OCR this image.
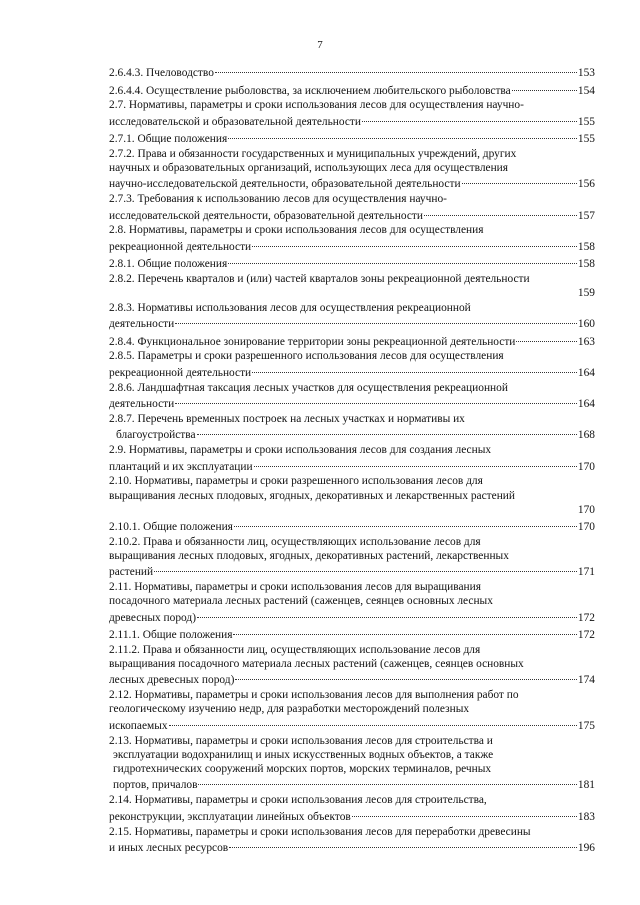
7
2.6.4.3. Пчеловодство	153
2.6.4.4. Осуществление рыболовства, за исключением любительского рыболовства	154
2.7. Нормативы, параметры и сроки использования лесов для осуществления научно-
исследовательской и образовательной деятельности	155
2.7.1. Общие положения	155
2.7.2. Права и обязанности государственных и муниципальных учреждений, других
научных и образовательных организаций, использующих леса для осуществления
научно-исследовательской деятельности, образовательной деятельности	156
2.7.3. Требования к использованию лесов для осуществления научно-
исследовательской деятельности, образовательной деятельности	157
2.8. Нормативы, параметры и сроки использования лесов для осуществления
рекреационной деятельности	158
2.8.1. Общие положения	158
2.8.2. Перечень кварталов и (или) частей кварталов зоны рекреационной деятельности
159
2.8.3. Нормативы использования лесов для осуществления рекреационной
деятельности	160
2.8.4. Функциональное зонирование территории зоны рекреационной деятельности	163
2.8.5. Параметры и сроки разрешенного использования лесов для осуществления
рекреационной деятельности	164
2.8.6. Ландшафтная таксация лесных участков для осуществления рекреационной
деятельности	164
2.8.7. Перечень временных построек на лесных участках и нормативы их
благоустройства	168
2.9. Нормативы, параметры и сроки использования лесов для создания лесных
плантаций и их эксплуатации	170
2.10. Нормативы, параметры и сроки разрешенного использования лесов для
выращивания лесных плодовых, ягодных, декоративных и лекарственных растений
170
2.10.1. Общие положения	170
2.10.2. Права и обязанности лиц, осуществляющих использование лесов для
выращивания лесных плодовых, ягодных, декоративных растений, лекарственных
растений	171
2.11. Нормативы, параметры и сроки использования лесов для выращивания
посадочного материала лесных растений (саженцев, сеянцев основных лесных
древесных пород)	172
2.11.1. Общие положения	172
2.11.2. Права и обязанности лиц, осуществляющих использование лесов для
выращивания посадочного материала лесных растений (саженцев, сеянцев основных
лесных древесных пород)	174
2.12. Нормативы, параметры и сроки использования лесов для выполнения работ по
геологическому изучению недр, для разработки месторождений полезных
ископаемых	175
2.13. Нормативы, параметры и сроки использования лесов для строительства и
эксплуатации водохранилищ и иных искусственных водных объектов, а также
гидротехнических сооружений морских портов, морских терминалов, речных
портов, причалов	181
2.14. Нормативы, параметры и сроки использования лесов для строительства,
реконструкции, эксплуатации линейных объектов	183
2.15. Нормативы, параметры и сроки использования лесов для переработки древесины
и иных лесных ресурсов	196
